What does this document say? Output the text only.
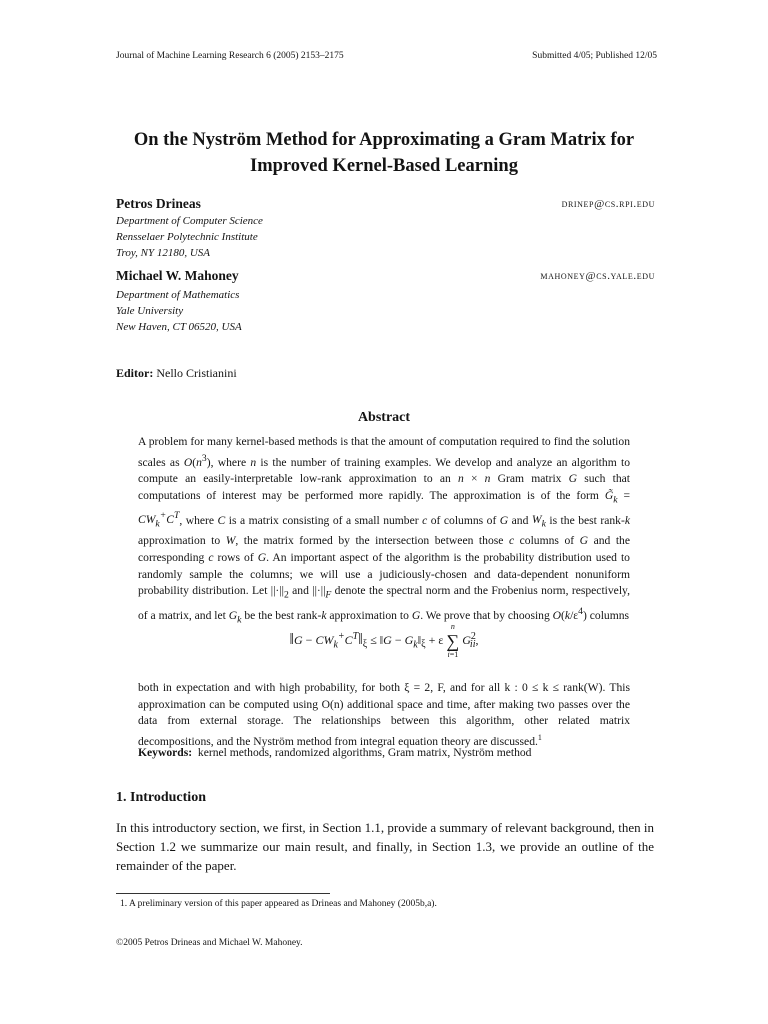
Journal of Machine Learning Research 6 (2005) 2153–2175	Submitted 4/05; Published 12/05
On the Nyström Method for Approximating a Gram Matrix for
Improved Kernel-Based Learning
Petros Drineas	drinep@cs.rpi.edu
Department of Computer Science
Rensselaer Polytechnic Institute
Troy, NY 12180, USA
Michael W. Mahoney	mahoney@cs.yale.edu
Department of Mathematics
Yale University
New Haven, CT 06520, USA
Editor: Nello Cristianini
Abstract

A problem for many kernel-based methods is that the amount of computation required to find the solution scales as $O(n^3)$, where n is the number of training examples. We develop and analyze an algorithm to compute an easily-interpretable low-rank approximation to an n × n Gram matrix G such that computations of interest may be performed more rapidly. The approximation is of the form $G̃_k = CW_k^+C^T$, where C is a matrix consisting of a small number c of columns of G and $W_k$ is the best rank-k approximation to W, the matrix formed by the intersection between those c columns of G and the corresponding c rows of G. An important aspect of the algorithm is the probability distribution used to randomly sample the columns; we will use a judiciously-chosen and data-dependent nonuniform probability distribution. Let $||\cdot||_2$ and $||\cdot||_F$ denote the spectral norm and the Frobenius norm, respectively, of a matrix, and let $G_k$ be the best rank-k approximation to G. We prove that by choosing $O(k/\varepsilon^4)$ columns

‖G − $CW_k^+C^T‖_\xi$ ≤ ‖G − $G_k‖_\xi + \varepsilon$
n
∑
i=1
$G^2_{ii}$,
both in expectation and with high probability, for both ξ = 2, F, and for all k : 0 ≤ k ≤ rank(W). This approximation can be computed using O(n) additional space and time, after making two passes over the data from external storage. The relationships between this algorithm, other related matrix decompositions, and the Nyström method from integral equation theory are discussed.$^1$
Keywords: kernel methods, randomized algorithms, Gram matrix, Nyström method
1. Introduction
In this introductory section, we first, in Section 1.1, provide a summary of relevant background, then in Section 1.2 we summarize our main result, and finally, in Section 1.3, we provide an outline of the remainder of the paper.
1. A preliminary version of this paper appeared as Drineas and Mahoney (2005b,a).
©2005 Petros Drineas and Michael W. Mahoney.
